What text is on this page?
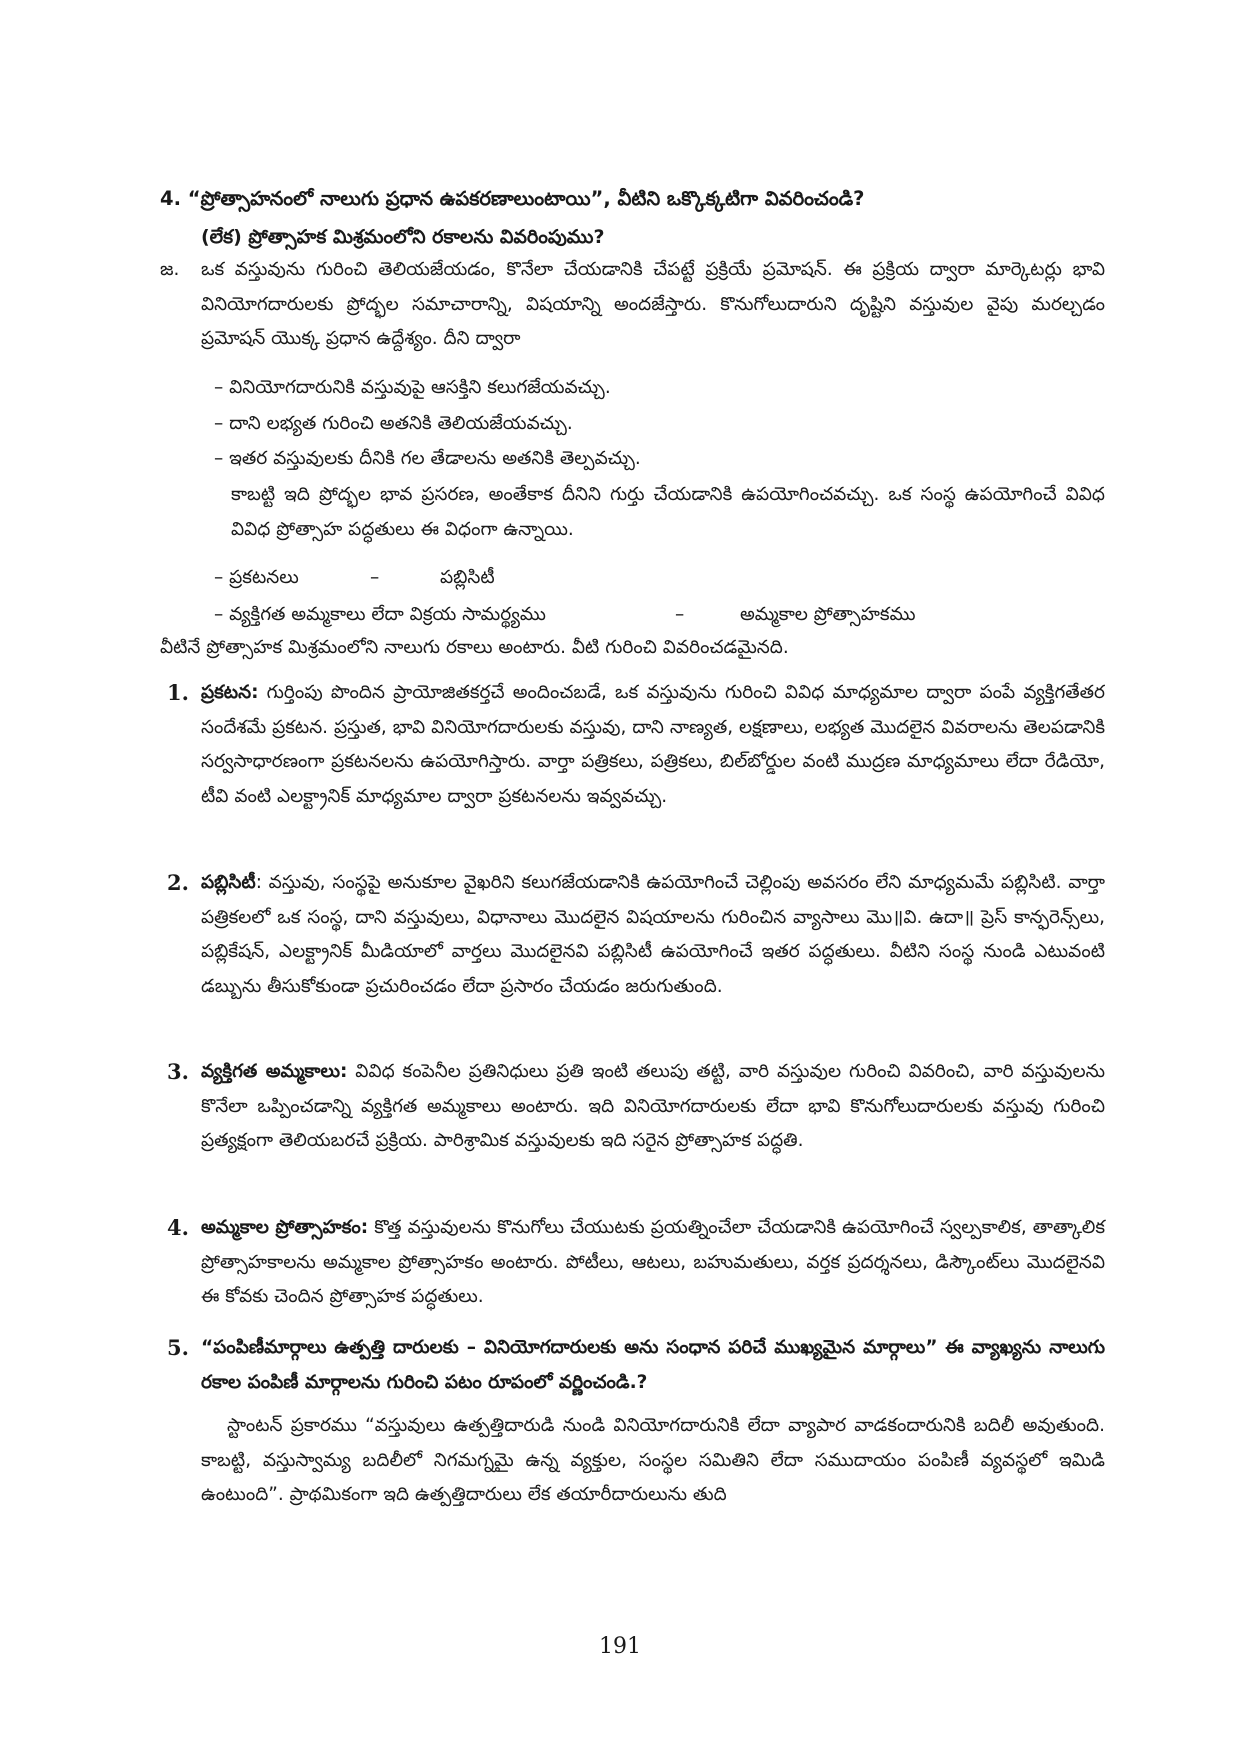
4. “ప్రోత్సాహనంలో నాలుగు ప్రధాన ఉపకరణాలుంటాయి”, వీటిని ఒక్కొక్కటిగా వివరించండి?
(లేక) ప్రోత్సాహక మిశ్రమంలోని రకాలను వివరింపుము?
జ. ఒక వస్తువును గురించి తెలియజేయడం, కొనేలా చేయడానికి చేపట్టే ప్రక్రియే ప్రమోషన్. ఈ ప్రక్రియ ద్వారా మార్కెటర్లు భావి వినియోగదారులకు ప్రోద్భల సమాచారాన్ని, విషయాన్ని అందజేస్తారు. కొనుగోలుదారుని దృష్టిని వస్తువుల వైపు మరల్చడం ప్రమోషన్ యొక్క ప్రధాన ఉద్దేశ్యం. దీని ద్వారా
– వినియోగదారునికి వస్తువుపై ఆసక్తిని కలుగజేయవచ్చు.
– దాని లభ్యత గురించి అతనికి తెలియజేయవచ్చు.
– ఇతర వస్తువులకు దీనికి గల తేడాలను అతనికి తెల్పవచ్చు.
కాబట్టి ఇది ప్రోద్భల భావ ప్రసరణ, అంతేకాక దీనిని గుర్తు చేయడానికి ఉపయోగించవచ్చు. ఒక సంస్థ ఉపయోగించే వివిధ వివిధ ప్రోత్సాహ పద్ధతులు ఈ విధంగా ఉన్నాయి.
– ప్రకటనలు	–	పబ్లిసిటీ
– వ్యక్తిగత అమ్మకాలు లేదా విక్రయ సామర్థ్యము	–	అమ్మకాల ప్రోత్సాహకము
వీటినే ప్రోత్సాహక మిశ్రమంలోని నాలుగు రకాలు అంటారు. వీటి గురించి వివరించడమైనది.
1. ప్రకటన: గుర్తింపు పొందిన ప్రాయోజితకర్తచే అందించబడే, ఒక వస్తువును గురించి వివిధ మాధ్యమాల ద్వారా పంపే వ్యక్తిగతేతర సందేశమే ప్రకటన. ప్రస్తుత, భావి వినియోగదారులకు వస్తువు, దాని నాణ్యత, లక్షణాలు, లభ్యత మొదలైన వివరాలను తెలపడానికి సర్వసాధారణంగా ప్రకటనలను ఉపయోగిస్తారు. వార్తా పత్రికలు, పత్రికలు, బిల్‌బోర్డుల వంటి ముద్రణ మాధ్యమాలు లేదా రేడియో, టీవి వంటి ఎలక్ట్రానిక్ మాధ్యమాల ద్వారా ప్రకటనలను ఇవ్వవచ్చు.
2. పబ్లిసిటీ: వస్తువు, సంస్థపై అనుకూల వైఖరిని కలుగజేయడానికి ఉపయోగించే చెల్లింపు అవసరం లేని మాధ్యమమే పబ్లిసిటి. వార్తా పత్రికలలో ఒక సంస్థ, దాని వస్తువులు, విధానాలు మొదలైన విషయాలను గురించిన వ్యాసాలు మొ॥వి. ఉదా॥ ప్రెస్ కాన్ఫరెన్స్‌లు, పబ్లికేషన్, ఎలక్ట్రానిక్ మీడియాలో వార్తలు మొదలైనవి పబ్లిసిటీ ఉపయోగించే ఇతర పద్ధతులు. వీటిని సంస్థ నుండి ఎటువంటి డబ్బును తీసుకోకుండా ప్రచురించడం లేదా ప్రసారం చేయడం జరుగుతుంది.
3. వ్యక్తిగత అమ్మకాలు: వివిధ కంపెనీల ప్రతినిధులు ప్రతి ఇంటి తలుపు తట్టి, వారి వస్తువుల గురించి వివరించి, వారి వస్తువులను కొనేలా ఒప్పించడాన్ని వ్యక్తిగత అమ్మకాలు అంటారు. ఇది వినియోగదారులకు లేదా భావి కొనుగోలుదారులకు వస్తువు గురించి ప్రత్యక్షంగా తెలియబరచే ప్రక్రియ. పారిశ్రామిక వస్తువులకు ఇది సరైన ప్రోత్సాహక పద్ధతి.
4. అమ్మకాల ప్రోత్సాహకం: కొత్త వస్తువులను కొనుగోలు చేయుటకు ప్రయత్నించేలా చేయడానికి ఉపయోగించే స్వల్పకాలిక, తాత్కాలిక ప్రోత్సాహకాలను అమ్మకాల ప్రోత్సాహకం అంటారు. పోటీలు, ఆటలు, బహుమతులు, వర్తక ప్రదర్శనలు, డిస్కౌంట్‌లు మొదలైనవి ఈ కోవకు చెందిన ప్రోత్సాహక పద్ధతులు.
5. “పంపిణీమార్గాలు ఉత్పత్తి దారులకు – వినియోగదారులకు అను సంధాన పరిచే ముఖ్యమైన మార్గాలు” ఈ వ్యాఖ్యను నాలుగు రకాల పంపిణీ మార్గాలను గురించి పటం రూపంలో వర్ణించండి.?
స్టాంటన్ ప్రకారము “వస్తువులు ఉత్పత్తిదారుడి నుండి వినియోగదారునికి లేదా వ్యాపార వాడకందారునికి బదిలీ అవుతుంది. కాబట్టి, వస్తుస్వామ్య బదిలీలో నిగమగ్నమై ఉన్న వ్యక్తుల, సంస్థల సమితిని లేదా సముదాయం పంపిణీ వ్యవస్థలో ఇమిడి ఉంటుంది”. ప్రాథమికంగా ఇది ఉత్పత్తిదారులు లేక తయారీదారులును తుది
191
